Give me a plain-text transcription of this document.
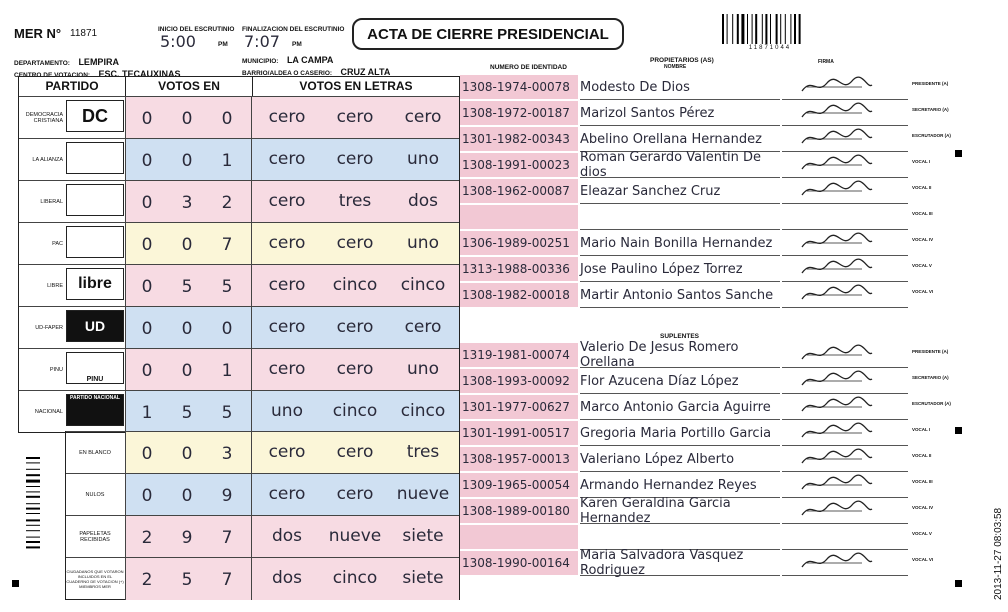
MER N° 11871	INICIO DEL ESCRUTINIO
5:00	PM
FINALIZACION DEL ESCRUTINIO
7:07 PM
ACTA DE CIERRE PRESIDENCIAL
11871044
DEPARTAMENTO: LEMPIRA	MUNICIPIO: LA CAMPA
CENTRO DE VOTACION: ESC. TECAUXINAS	BARRIO/ALDEA O CASERIO: CRUZ ALTA
PARTIDO	VOTOS EN	VOTOS EN LETRAS
DEMOCRACIA CRISTIANA	DC	0	0	0	cero	cero	cero
LA ALIANZA	0	0	1	cero	cero	uno
LIBERAL	0	3	2	cero	tres	dos
PAC	0	0	7	cero	cero	uno
LIBRE libre	0	5	5	cero	cinco	cinco
UD-FAPER	UD	0	0	0	cero	cero	cero
PINU
PINU	0	0	1	cero	cero	uno
NACIONAL
PARTIDO NACIONAL
1	5	5	uno	cinco	cinco
EN BLANCO	0	0	3	cero	cero	tres
NULOS	0	0	9	cero	cero	nueve
PAPELETAS RECIBIDAS	2	9	7	dos	nueve	siete
CIUDADANOS QUE VOTARON INCLUIDOS EN EL CUADERNO DE VOTACION (+) MIEMBROS MER	2	5	7	dos	cinco	siete
NUMERO DE IDENTIDAD
PROPIETARIOS (AS)
NOMBRE
FIRMA
1308-1974-00078 Modesto De Dios	PRESIDENTE (A)
1308-1972-00187 Marizol Santos Pérez	SECRETARIO (A)
1301-1982-00343 Abelino Orellana Hernandez	ESCRUTADOR (A)
1308-1991-00023 Roman Gerardo Valentin De dios
VOCAL I
1308-1962-00087 Eleazar Sanchez Cruz	VOCAL II
VOCAL III
1306-1989-00251 Mario Nain Bonilla Hernandez	VOCAL IV
1313-1988-00336 Jose Paulino López Torrez	VOCAL V
1308-1982-00018 Martir Antonio Santos Sanche	VOCAL VI
SUPLENTES
1319-1981-00074 Valerio De Jesus Romero Orellana
PRESIDENTE (A)
1308-1993-00092 Flor Azucena Díaz López	SECRETARIO (A)
1301-1977-00627 Marco Antonio Garcia Aguirre	ESCRUTADOR (A)
1301-1991-00517 Gregoria Maria Portillo Garcia	VOCAL I
1308-1957-00013 Valeriano López Alberto	VOCAL II
1309-1965-00054 Armando Hernandez Reyes	VOCAL III
1308-1989-00180 Karen Geraldina Garcia Hernandez
VOCAL IV
VOCAL V
1308-1990-00164 Maria Salvadora Vasquez Rodriguez
VOCAL VI	2013-11-27 08:03:58
